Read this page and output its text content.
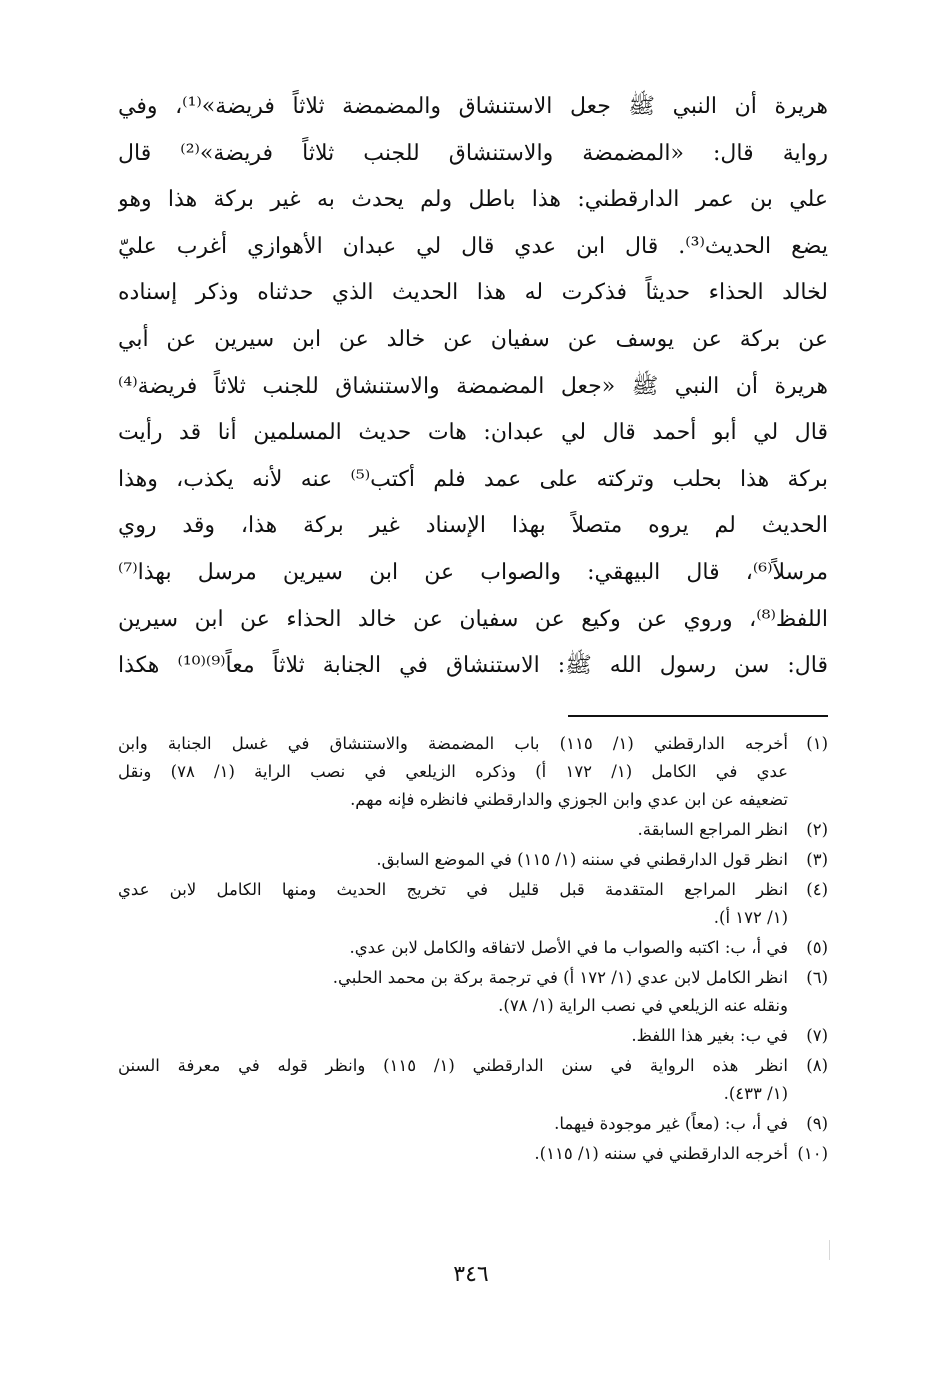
هريرة أن النبي ﷺ جعل الاستنشاق والمضمضة ثلاثاً فريضة»⁽¹⁾، وفي
رواية قال: «المضمضة والاستنشاق للجنب ثلاثاً فريضة»⁽²⁾ قال
علي بن عمر الدارقطني: هذا باطل ولم يحدث به غير بركة هذا وهو
يضع الحديث⁽³⁾. قال ابن عدي قال لي عبدان الأهوازي أغرب عليّ
لخالد الحذاء حديثاً فذكرت له هذا الحديث الذي حدثناه وذكر إسناده
عن بركة عن يوسف عن سفيان عن خالد عن ابن سيرين عن أبي
هريرة أن النبي ﷺ «جعل المضمضة والاستنشاق للجنب ثلاثاً فريضة⁽⁴⁾
قال لي أبو أحمد قال لي عبدان: هات حديث المسلمين أنا قد رأيت
بركة هذا بحلب وتركته على عمد فلم أكتب⁽⁵⁾ عنه لأنه يكذب، وهذا
الحديث لم يروه متصلاً بهذا الإسناد غير بركة هذا، وقد روي
مرسلاً⁽⁶⁾، قال البيهقي: والصواب عن ابن سيرين مرسل بهذا⁽⁷⁾
اللفظ⁽⁸⁾، وروي عن وكيع عن سفيان عن خالد الحذاء عن ابن سيرين
قال: سن رسول الله ﷺ: الاستنشاق في الجنابة ثلاثاً معاً⁽⁹⁾⁽¹⁰⁾ هكذا
(١)
أخرجه الدارقطني (١/ ١١٥) باب المضمضة والاستنشاق في غسل الجنابة وابن
عدي في الكامل (١/ ١٧٢ أ) وذكره الزيلعي في نصب الراية (١/ ٧٨) ونقل
تضعيفه عن ابن عدي وابن الجوزي والدارقطني فانظره فإنه مهم.
(٢)
انظر المراجع السابقة.
(٣)
انظر قول الدارقطني في سننه (١/ ١١٥) في الموضع السابق.
(٤)
انظر المراجع المتقدمة قبل قليل في تخريج الحديث ومنها الكامل لابن عدي
(١/ ١٧٢ أ).
(٥)
في أ، ب: اكتبه والصواب ما في الأصل لاتفاقه والكامل لابن عدي.
(٦)
انظر الكامل لابن عدي (١/ ١٧٢ أ) في ترجمة بركة بن محمد الحلبي.
ونقله عنه الزيلعي في نصب الراية (١/ ٧٨).
(٧)
في ب: بغير هذا اللفظ.
(٨)
انظر هذه الرواية في سنن الدارقطني (١/ ١١٥) وانظر قوله في معرفة السنن
(١/ ٤٣٣).
(٩)
في أ، ب: (معاً) غير موجودة فيهما.
(١٠)
أخرجه الدارقطني في سننه (١/ ١١٥).
٣٤٦
